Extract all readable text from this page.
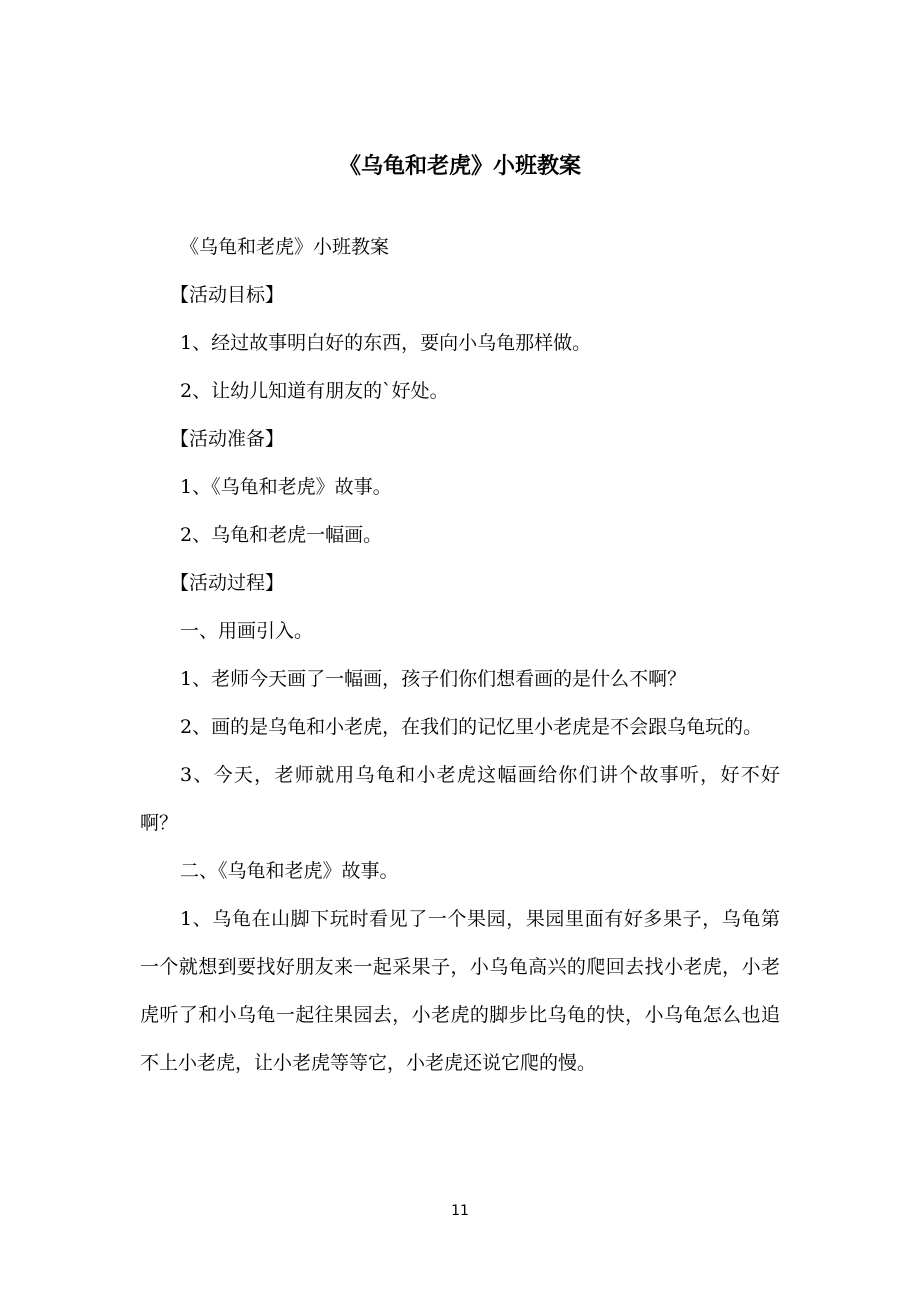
《乌龟和老虎》小班教案

《乌龟和老虎》小班教案

【活动目标】

1、经过故事明白好的东西，要向小乌龟那样做。

2、让幼儿知道有朋友的`好处。

【活动准备】

1、《乌龟和老虎》故事。

2、乌龟和老虎一幅画。

【活动过程】

一、用画引入。

1、老师今天画了一幅画，孩子们你们想看画的是什么不啊？

2、画的是乌龟和小老虎，在我们的记忆里小老虎是不会跟乌龟玩的。

3、今天，老师就用乌龟和小老虎这幅画给你们讲个故事听，好不好啊？

二、《乌龟和老虎》故事。

1、乌龟在山脚下玩时看见了一个果园，果园里面有好多果子，乌龟第一个就想到要找好朋友来一起采果子，小乌龟高兴的爬回去找小老虎，小老虎听了和小乌龟一起往果园去，小老虎的脚步比乌龟的快，小乌龟怎么也追不上小老虎，让小老虎等等它，小老虎还说它爬的慢。

11
